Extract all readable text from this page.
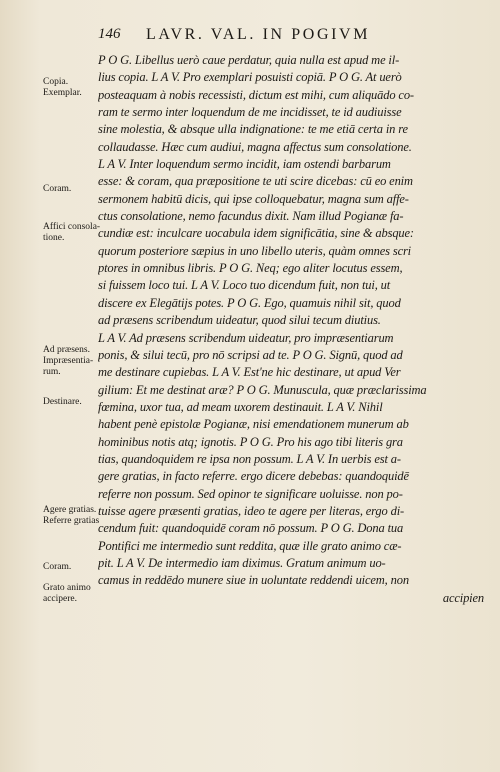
146 LAVR. VAL. IN POGIVM
Copia.
Exemplar.
Coram.
Affici consola-
tione.
Ad præsens.
Impræsentia-
rum.
Destinare.
Agere gratias.
Referre gratias
Coram.
Grato animo
accipere.
P O G. Libellus uerò caue perdatur, quia nulla est apud me il-
lius copia. L A V. Pro exemplari posuisti copiā. P O G. At uerò
posteaquam à nobis recessisti, dictum est mihi, cum aliquādo co-
ram te sermo inter loquendum de me incidisset, te id audiuisse
sine molestia, & absque ulla indignatione: te me etiā certa in re
collaudasse. Hæc cum audiui, magna affectus sum consolatione.
L A V. Inter loquendum sermo incidit, iam ostendi barbarum
esse: & coram, qua præpositione te uti scire dicebas: cū eo enim
sermonem habitū dicis, qui ipse colloquebatur, magna sum affe-
ctus consolatione, nemo facundus dixit. Nam illud Pogianæ fa-
cundiæ est: inculcare uocabula idem significātia, sine & absque:
quorum posteriore sæpius in uno libello uteris, quàm omnes scri
ptores in omnibus libris. P O G. Neq; ego aliter locutus essem,
si fuissem loco tui. L A V. Loco tuo dicendum fuit, non tui, ut
discere ex Elegātijs potes. P O G. Ego, quamuis nihil sit, quod
ad præsens scribendum uideatur, quod silui tecum diutius.
L A V. Ad præsens scribendum uideatur, pro impræsentiarum
ponis, & silui tecū, pro nō scripsi ad te. P O G. Signū, quod ad
me destinare cupiebas. L A V. Est'ne hic destinare, ut apud Ver
gilium: Et me destinat aræ? P O G. Munuscula, quæ præclarissima
fœmina, uxor tua, ad meam uxorem destinauit. L A V. Nihil
habent penè epistolæ Pogianæ, nisi emendationem munerum ab
hominibus notis atq; ignotis. P O G. Pro his ago tibi literis gra
tias, quandoquidem re ipsa non possum. L A V. In uerbis est a-
gere gratias, in facto referre. ergo dicere debebas: quandoquidē
referre non possum. Sed opinor te significare uoluisse. non po-
tuisse agere præsenti gratias, ideo te agere per literas, ergo di-
cendum fuit: quandoquidē coram nō possum. P O G. Dona tua
Pontifici me intermedio sunt reddita, quæ ille grato animo cæ-
pit. L A V. De intermedio iam diximus. Gratum animum uo-
camus in reddēdo munere siue in uoluntate reddendi uicem, non
accipien
